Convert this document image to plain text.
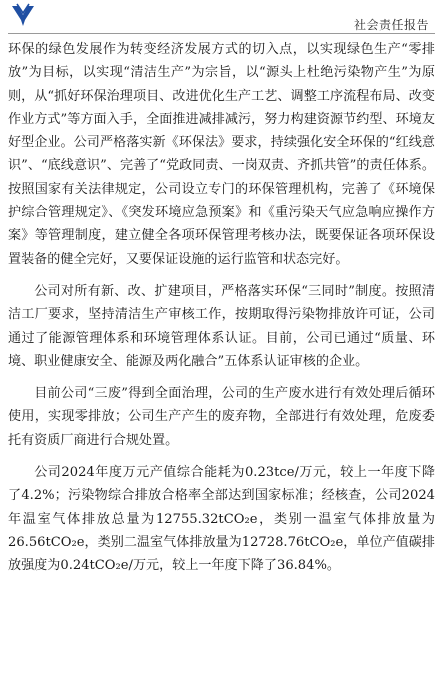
社会责任报告

环保的绿色发展作为转变经济发展方式的切入点，以实现绿色生产“零排放”为目标，以实现“清洁生产”为宗旨，以“源头上杜绝污染物产生”为原则，从“抓好环保治理项目、改进优化生产工艺、调整工序流程布局、改变作业方式”等方面入手，全面推进减排减污，努力构建资源节约型、环境友好型企业。公司严格落实新《环保法》要求，持续强化安全环保的“红线意识”、“底线意识”、完善了“党政同责、一岗双责、齐抓共管”的责任体系。按照国家有关法律规定，公司设立专门的环保管理机构，完善了《环境保护综合管理规定》、《突发环境应急预案》和《重污染天气应急响应操作方案》等管理制度，建立健全各项环保管理考核办法，既要保证各项环保设置装备的健全完好，又要保证设施的运行监管和状态完好。

公司对所有新、改、扩建项目，严格落实环保“三同时”制度。按照清洁工厂要求，坚持清洁生产审核工作，按期取得污染物排放许可证，公司通过了能源管理体系和环境管理体系认证。目前，公司已通过“质量、环境、职业健康安全、能源及两化融合”五体系认证审核的企业。

目前公司“三废”得到全面治理，公司的生产废水进行有效处理后循环使用，实现零排放；公司生产产生的废弃物，全部进行有效处理，危废委托有资质厂商进行合规处置。

公司2024年度万元产值综合能耗为0.23tce/万元，较上一年度下降了4.2%；污染物综合排放合格率全部达到国家标准；经核查，公司2024年温室气体排放总量为12755.32tCO₂e，类别一温室气体排放量为26.56tCO₂e，类别二温室气体排放量为12728.76tCO₂e，单位产值碳排放强度为0.24tCO₂e/万元，较上一年度下降了36.84%。
